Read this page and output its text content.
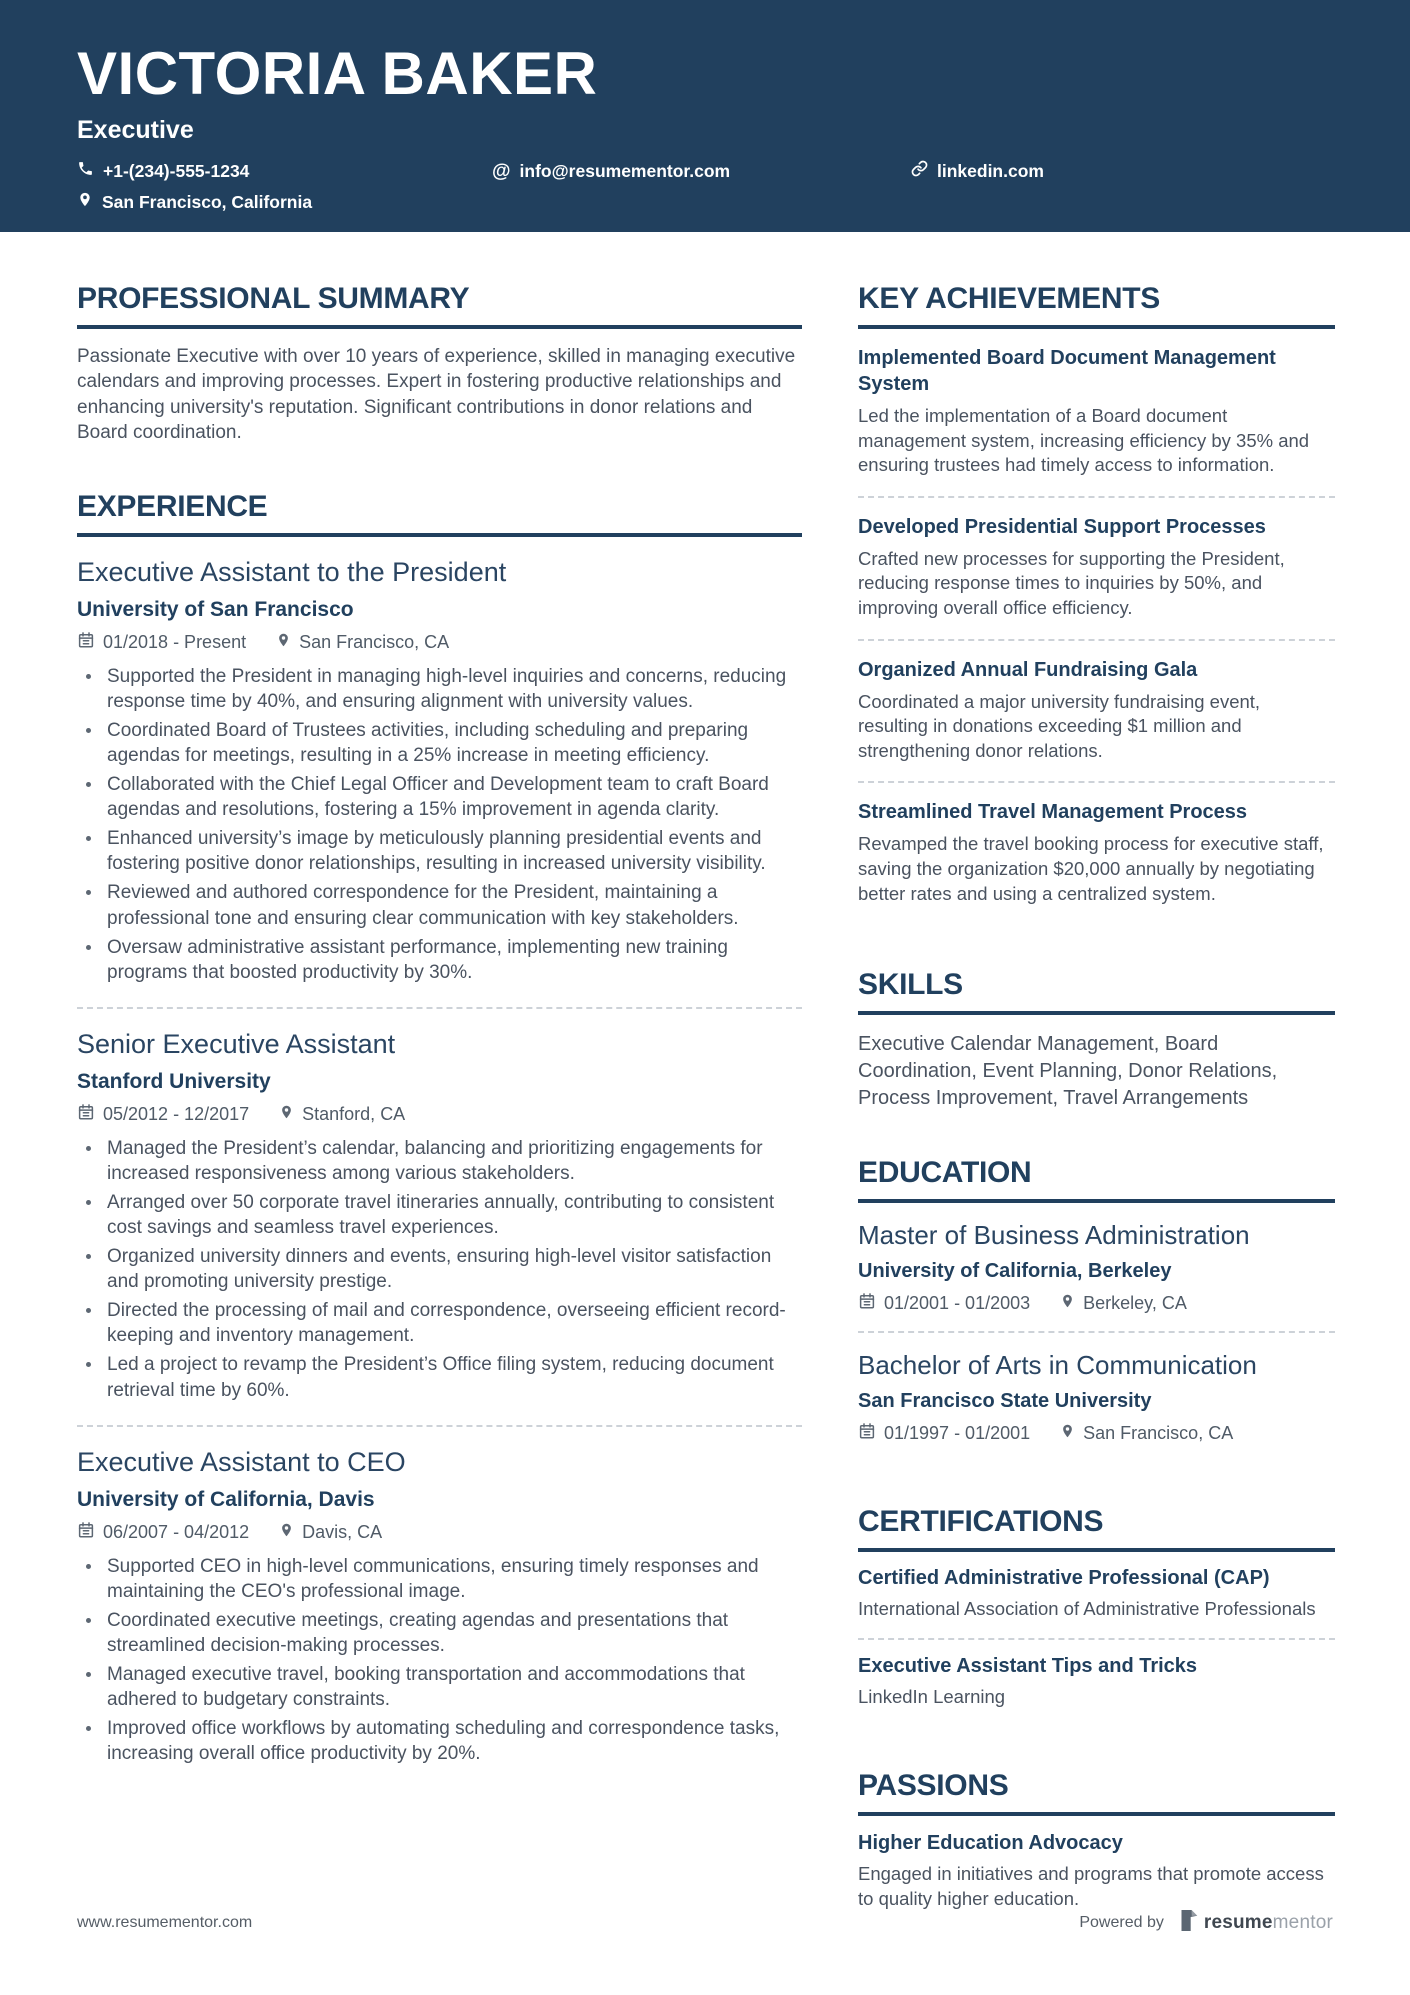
VICTORIA BAKER
Executive
+1-(234)-555-1234	@ info@resumementor.com	linkedin.com
San Francisco, California
PROFESSIONAL SUMMARY

Passionate Executive with over 10 years of experience, skilled in managing executive calendars and improving processes. Expert in fostering productive relationships and enhancing university's reputation. Significant contributions in donor relations and Board coordination.

EXPERIENCE
Executive Assistant to the President
University of San Francisco
01/2018 - Present	San Francisco, CA
Supported the President in managing high-level inquiries and concerns, reducing response time by 40%, and ensuring alignment with university values.
Coordinated Board of Trustees activities, including scheduling and preparing agendas for meetings, resulting in a 25% increase in meeting efficiency.
Collaborated with the Chief Legal Officer and Development team to craft Board agendas and resolutions, fostering a 15% improvement in agenda clarity.
Enhanced university’s image by meticulously planning presidential events and fostering positive donor relationships, resulting in increased university visibility.
Reviewed and authored correspondence for the President, maintaining a professional tone and ensuring clear communication with key stakeholders.
Oversaw administrative assistant performance, implementing new training programs that boosted productivity by 30%.
Senior Executive Assistant
Stanford University
05/2012 - 12/2017	Stanford, CA
Managed the President’s calendar, balancing and prioritizing engagements for increased responsiveness among various stakeholders.
Arranged over 50 corporate travel itineraries annually, contributing to consistent cost savings and seamless travel experiences.
Organized university dinners and events, ensuring high-level visitor satisfaction and promoting university prestige.
Directed the processing of mail and correspondence, overseeing efficient record-keeping and inventory management.
Led a project to revamp the President’s Office filing system, reducing document retrieval time by 60%.
Executive Assistant to CEO
University of California, Davis
06/2007 - 04/2012	Davis, CA
Supported CEO in high-level communications, ensuring timely responses and maintaining the CEO's professional image.
Coordinated executive meetings, creating agendas and presentations that streamlined decision-making processes.
Managed executive travel, booking transportation and accommodations that adhered to budgetary constraints.
Improved office workflows by automating scheduling and correspondence tasks, increasing overall office productivity by 20%.
KEY ACHIEVEMENTS
Implemented Board Document Management System
Led the implementation of a Board document management system, increasing efficiency by 35% and ensuring trustees had timely access to information.
Developed Presidential Support Processes
Crafted new processes for supporting the President, reducing response times to inquiries by 50%, and improving overall office efficiency.
Organized Annual Fundraising Gala
Coordinated a major university fundraising event, resulting in donations exceeding $1 million and strengthening donor relations.
Streamlined Travel Management Process
Revamped the travel booking process for executive staff, saving the organization $20,000 annually by negotiating better rates and using a centralized system.
SKILLS

Executive Calendar Management, Board Coordination, Event Planning, Donor Relations, Process Improvement, Travel Arrangements

EDUCATION
Master of Business Administration
University of California, Berkeley
01/2001 - 01/2003	Berkeley, CA
Bachelor of Arts in Communication
San Francisco State University
01/1997 - 01/2001	San Francisco, CA
CERTIFICATIONS
Certified Administrative Professional (CAP)
International Association of Administrative Professionals
Executive Assistant Tips and Tricks
LinkedIn Learning
PASSIONS
Higher Education Advocacy
Engaged in initiatives and programs that promote access to quality higher education.
www.resumementor.com	Powered by resumementor
